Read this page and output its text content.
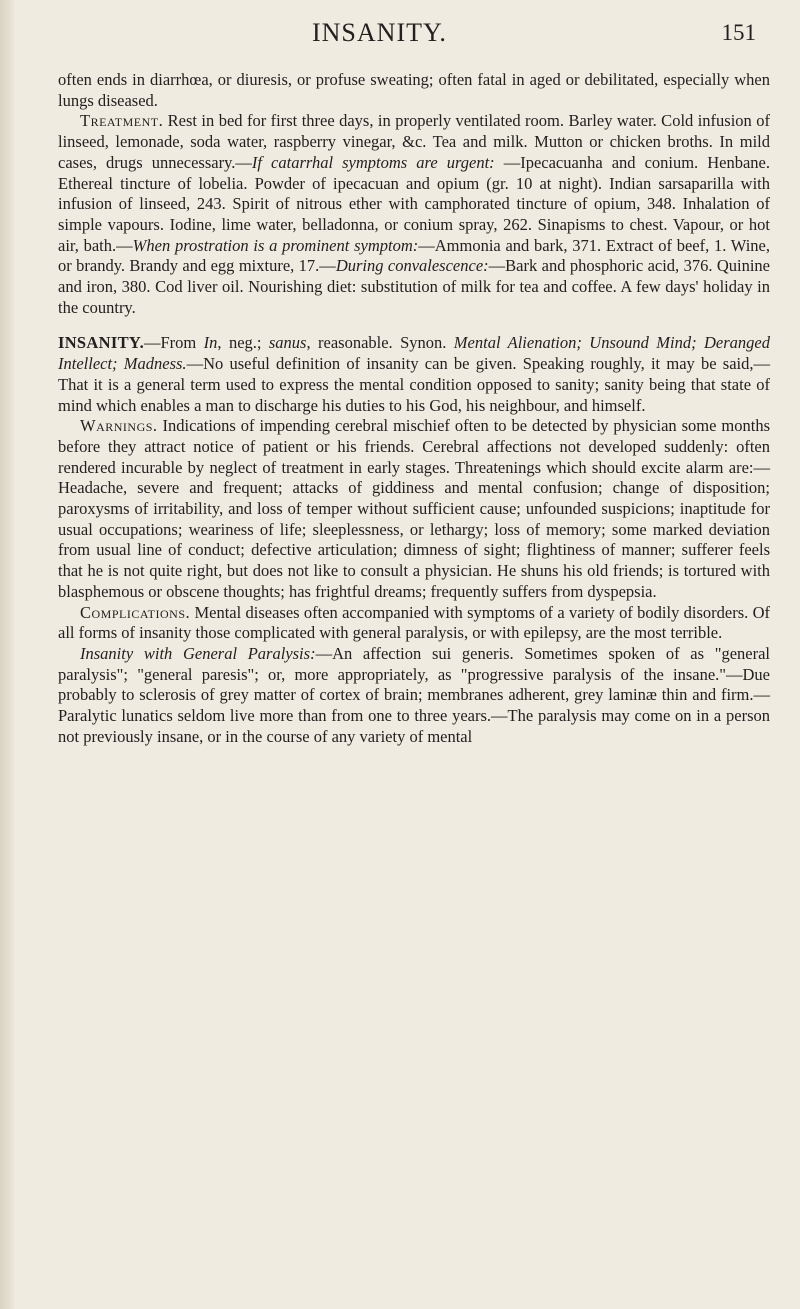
INSANITY.	151

often ends in diarrhœa, or diuresis, or profuse sweating; often fatal in aged or debilitated, especially when lungs diseased.

Treatment. Rest in bed for first three days, in properly ventilated room. Barley water. Cold infusion of linseed, lemonade, soda water, raspberry vinegar, &c. Tea and milk. Mutton or chicken broths. In mild cases, drugs unnecessary.—If catarrhal symptoms are urgent: —Ipecacuanha and conium. Henbane. Ethereal tincture of lobelia. Powder of ipecacuan and opium (gr. 10 at night). Indian sarsaparilla with infusion of linseed, 243. Spirit of nitrous ether with camphorated tincture of opium, 348. Inhalation of simple vapours. Iodine, lime water, belladonna, or conium spray, 262. Sinapisms to chest. Vapour, or hot air, bath.—When prostration is a prominent symptom:—Ammonia and bark, 371. Extract of beef, 1. Wine, or brandy. Brandy and egg mixture, 17.—During convalescence:—Bark and phosphoric acid, 376. Quinine and iron, 380. Cod liver oil. Nourishing diet: substitution of milk for tea and coffee. A few days' holiday in the country.

INSANITY.—From In, neg.; sanus, reasonable. Synon. Mental Alienation; Unsound Mind; Deranged Intellect; Madness.—No useful definition of insanity can be given. Speaking roughly, it may be said,—That it is a general term used to express the mental condition opposed to sanity; sanity being that state of mind which enables a man to discharge his duties to his God, his neighbour, and himself.

Warnings. Indications of impending cerebral mischief often to be detected by physician some months before they attract notice of patient or his friends. Cerebral affections not developed suddenly: often rendered incurable by neglect of treatment in early stages. Threatenings which should excite alarm are:—Headache, severe and frequent; attacks of giddiness and mental confusion; change of disposition; paroxysms of irritability, and loss of temper without sufficient cause; unfounded suspicions; inaptitude for usual occupations; weariness of life; sleeplessness, or lethargy; loss of memory; some marked deviation from usual line of conduct; defective articulation; dimness of sight; flightiness of manner; sufferer feels that he is not quite right, but does not like to consult a physician. He shuns his old friends; is tortured with blasphemous or obscene thoughts; has frightful dreams; frequently suffers from dyspepsia.

Complications. Mental diseases often accompanied with symptoms of a variety of bodily disorders. Of all forms of insanity those complicated with general paralysis, or with epilepsy, are the most terrible.

Insanity with General Paralysis:—An affection sui generis. Sometimes spoken of as "general paralysis"; "general paresis"; or, more appropriately, as "progressive paralysis of the insane."—Due probably to sclerosis of grey matter of cortex of brain; membranes adherent, grey laminæ thin and firm.—Paralytic lunatics seldom live more than from one to three years.—The paralysis may come on in a person not previously insane, or in the course of any variety of mental
